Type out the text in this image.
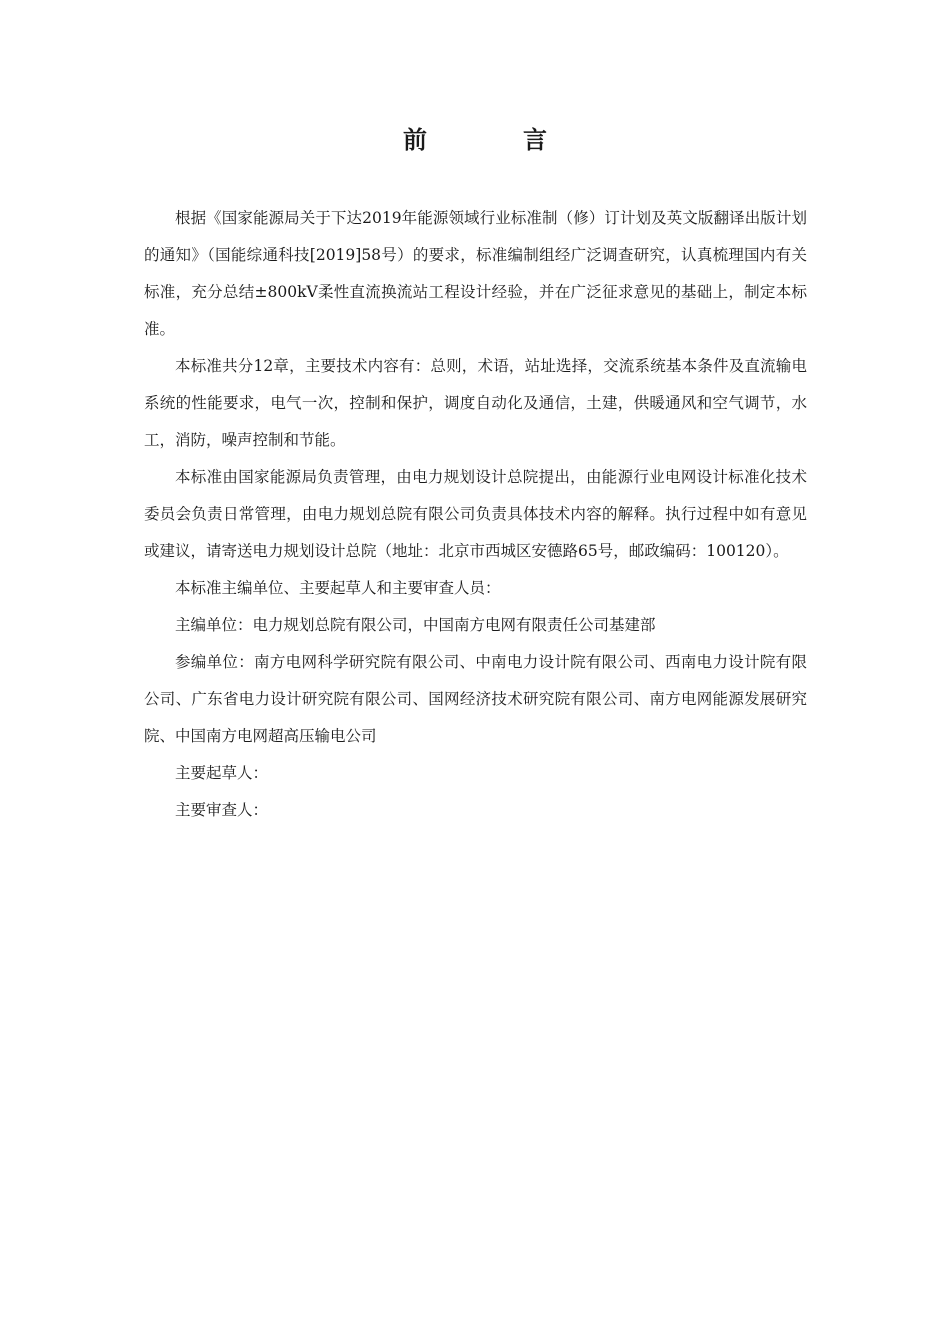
前　言

根据《国家能源局关于下达2019年能源领域行业标准制（修）订计划及英文版翻译出版计划的通知》（国能综通科技[2019]58号）的要求，标准编制组经广泛调查研究，认真梳理国内有关标准，充分总结±800kV柔性直流换流站工程设计经验，并在广泛征求意见的基础上，制定本标准。

本标准共分12章，主要技术内容有：总则，术语，站址选择，交流系统基本条件及直流输电系统的性能要求，电气一次，控制和保护，调度自动化及通信，土建，供暖通风和空气调节，水工，消防，噪声控制和节能。

本标准由国家能源局负责管理，由电力规划设计总院提出，由能源行业电网设计标准化技术委员会负责日常管理，由电力规划总院有限公司负责具体技术内容的解释。执行过程中如有意见或建议，请寄送电力规划设计总院（地址：北京市西城区安德路65号，邮政编码：100120）。

本标准主编单位、主要起草人和主要审查人员：

主编单位：电力规划总院有限公司，中国南方电网有限责任公司基建部

参编单位：南方电网科学研究院有限公司、中南电力设计院有限公司、西南电力设计院有限公司、广东省电力设计研究院有限公司、国网经济技术研究院有限公司、南方电网能源发展研究院、中国南方电网超高压输电公司

主要起草人：

主要审查人：
